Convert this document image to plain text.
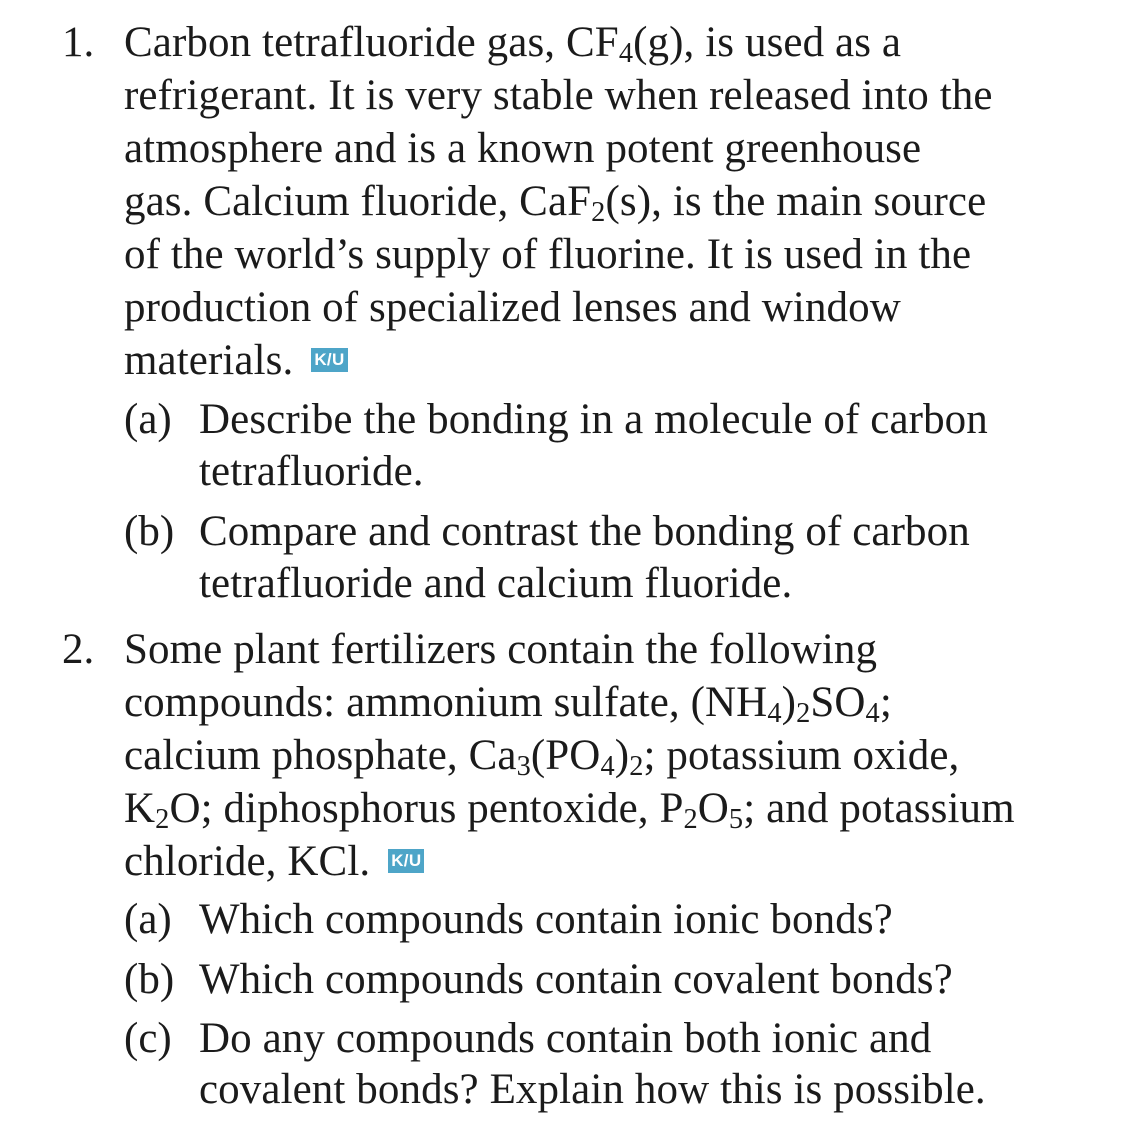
1. Carbon tetrafluoride gas, $CF_4(g)$, is used as a
refrigerant. It is very stable when released into the
atmosphere and is a known potent greenhouse
gas. Calcium fluoride, CaF$_2$(s), is the main source
of the world’s supply of fluorine. It is used in the
production of specialized lenses and window
materials. K/U
(a) Describe the bonding in a molecule of carbon
tetrafluoride.
(b) Compare and contrast the bonding of carbon
tetrafluoride and calcium fluoride.
2. Some plant fertilizers contain the following
compounds: ammonium sulfate, $(NH_4)_2SO_4$;
calcium phosphate, $Ca_3(PO_4)_2$; potassium oxide,
$K_2O$; diphosphorus pentoxide, $P_2O_5$; and potassium
chloride, KCl. K/U
(a) Which compounds contain ionic bonds?
(b) Which compounds contain covalent bonds?
(c) Do any compounds contain both ionic and
covalent bonds? Explain how this is possible.
